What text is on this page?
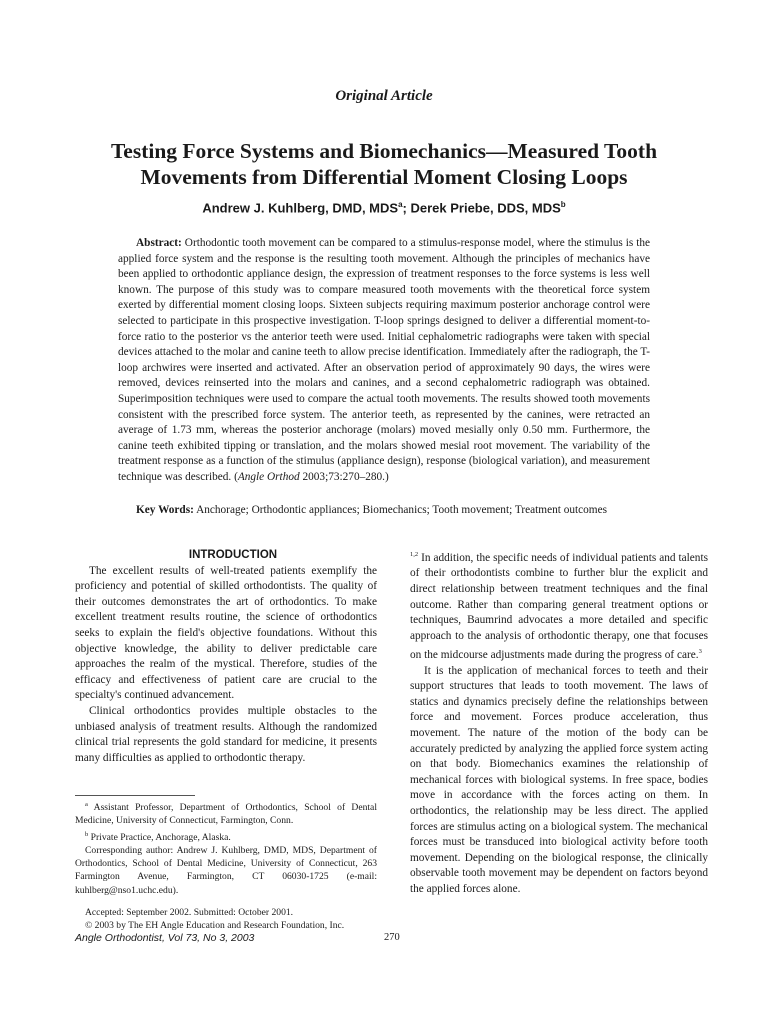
Original Article
Testing Force Systems and Biomechanics—Measured Tooth Movements from Differential Moment Closing Loops
Andrew J. Kuhlberg, DMD, MDS$^a$; Derek Priebe, DDS, MDS$^b$

Abstract: Orthodontic tooth movement can be compared to a stimulus-response model, where the stimulus is the applied force system and the response is the resulting tooth movement. Although the principles of mechanics have been applied to orthodontic appliance design, the expression of treatment responses to the force systems is less well known. The purpose of this study was to compare measured tooth movements with the theoretical force system exerted by differential moment closing loops. Sixteen subjects requiring maximum posterior anchorage control were selected to participate in this prospective investigation. T-loop springs designed to deliver a differential moment-to-force ratio to the posterior vs the anterior teeth were used. Initial cephalometric radiographs were taken with special devices attached to the molar and canine teeth to allow precise identification. Immediately after the radiograph, the T-loop archwires were inserted and activated. After an observation period of approximately 90 days, the wires were removed, devices reinserted into the molars and canines, and a second cephalometric radiograph was obtained. Superimposition techniques were used to compare the actual tooth movements. The results showed tooth movements consistent with the prescribed force system. The anterior teeth, as represented by the canines, were retracted an average of 1.73 mm, whereas the posterior anchorage (molars) moved mesially only 0.50 mm. Furthermore, the canine teeth exhibited tipping or translation, and the molars showed mesial root movement. The variability of the treatment response as a function of the stimulus (appliance design), response (biological variation), and measurement technique was described. (Angle Orthod 2003;73:270–280.)

Key Words: Anchorage; Orthodontic appliances; Biomechanics; Tooth movement; Treatment outcomes

INTRODUCTION

The excellent results of well-treated patients exemplify the proficiency and potential of skilled orthodontists. The quality of their outcomes demonstrates the art of orthodontics. To make excellent treatment results routine, the science of orthodontics seeks to explain the field's objective foundations. Without this objective knowledge, the ability to deliver predictable care approaches the realm of the mystical. Therefore, studies of the efficacy and effectiveness of patient care are crucial to the specialty's continued advancement.

Clinical orthodontics provides multiple obstacles to the unbiased analysis of treatment results. Although the randomized clinical trial represents the gold standard for medicine, it presents many difficulties as applied to orthodontic therapy.

$^{1,2}$ In addition, the specific needs of individual patients and talents of their orthodontists combine to further blur the explicit and direct relationship between treatment techniques and the final outcome. Rather than comparing general treatment options or techniques, Baumrind advocates a more detailed and specific approach to the analysis of orthodontic therapy, one that focuses on the midcourse adjustments made during the progress of care.$^3$

It is the application of mechanical forces to teeth and their support structures that leads to tooth movement. The laws of statics and dynamics precisely define the relationships between force and movement. Forces produce acceleration, thus movement. The nature of the motion of the body can be accurately predicted by analyzing the applied force system acting on that body. Biomechanics examines the relationship of mechanical forces with biological systems. In free space, bodies move in accordance with the forces acting on them. In orthodontics, the relationship may be less direct. The applied forces are stimulus acting on a biological system. The mechanical forces must be transduced into biological activity before tooth movement. Depending on the biological response, the clinically observable tooth movement may be dependent on factors beyond the applied forces alone.

$^a$ Assistant Professor, Department of Orthodontics, School of Dental Medicine, University of Connecticut, Farmington, Conn.

$^b$ Private Practice, Anchorage, Alaska.

Corresponding author: Andrew J. Kuhlberg, DMD, MDS, Department of Orthodontics, School of Dental Medicine, University of Connecticut, 263 Farmington Avenue, Farmington, CT 06030-1725 (e-mail: kuhlberg@nso1.uchc.edu).

Accepted: September 2002. Submitted: October 2001.

© 2003 by The EH Angle Education and Research Foundation, Inc.

Angle Orthodontist, Vol 73, No 3, 2003	270
